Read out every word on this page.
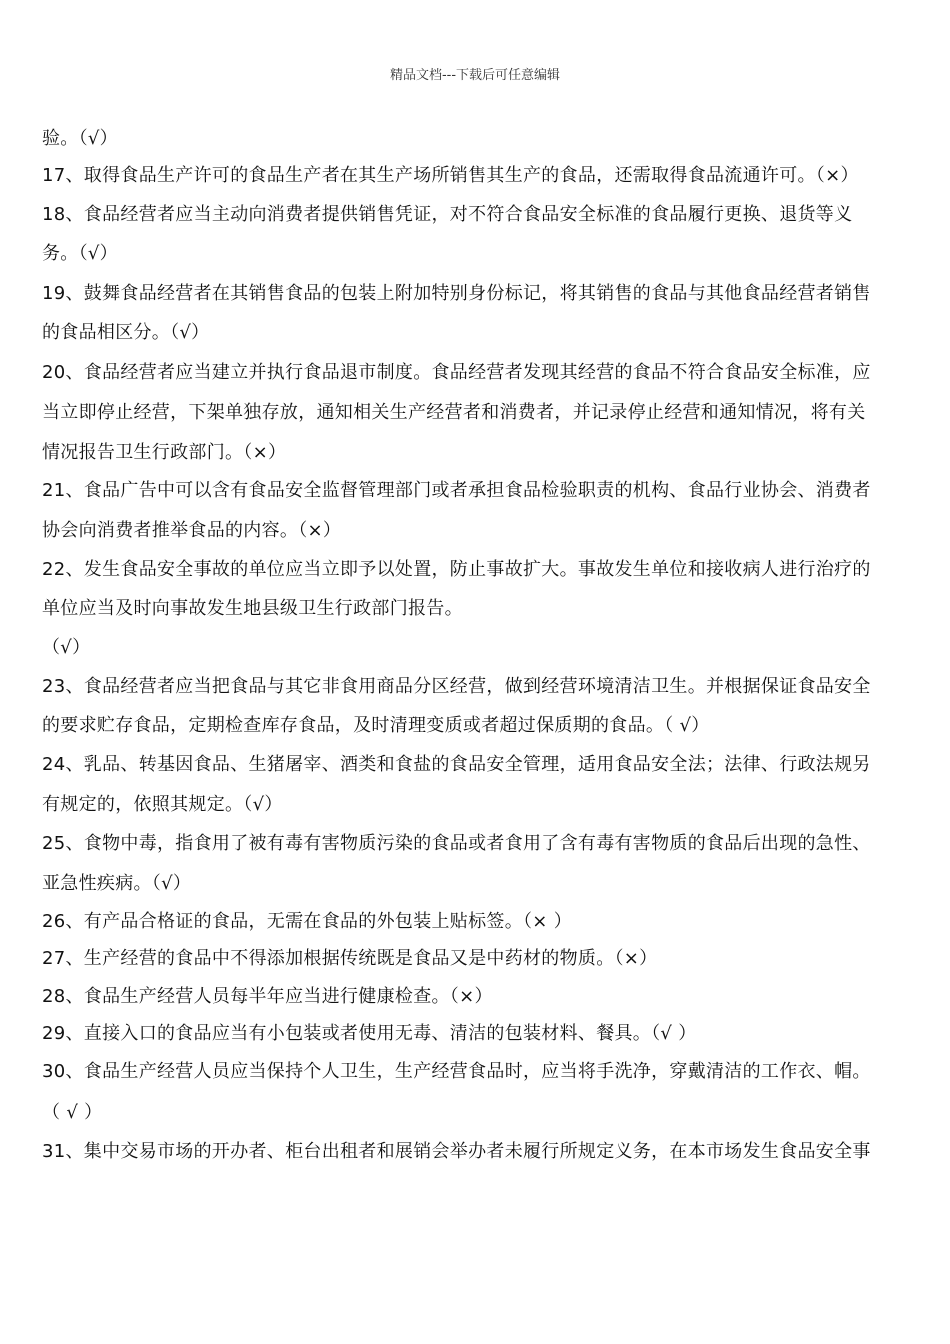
精品文档---下载后可任意编辑
验。（√）
17、取得食品生产许可的食品生产者在其生产场所销售其生产的食品，还需取得食品流通许可。（×）
18、食品经营者应当主动向消费者提供销售凭证，对不符合食品安全标准的食品履行更换、退货等义
务。（√）
19、鼓舞食品经营者在其销售食品的包装上附加特别身份标记，将其销售的食品与其他食品经营者销售
的食品相区分。（√）
20、食品经营者应当建立并执行食品退市制度。食品经营者发现其经营的食品不符合食品安全标准，应
当立即停止经营，下架单独存放，通知相关生产经营者和消费者，并记录停止经营和通知情况，将有关
情况报告卫生行政部门。（×）
21、食品广告中可以含有食品安全监督管理部门或者承担食品检验职责的机构、食品行业协会、消费者
协会向消费者推举食品的内容。（×）
22、发生食品安全事故的单位应当立即予以处置，防止事故扩大。事故发生单位和接收病人进行治疗的
单位应当及时向事故发生地县级卫生行政部门报告。
（√）
23、食品经营者应当把食品与其它非食用商品分区经营，做到经营环境清洁卫生。并根据保证食品安全
的要求贮存食品，定期检查库存食品，及时清理变质或者超过保质期的食品。（ √）
24、乳品、转基因食品、生猪屠宰、酒类和食盐的食品安全管理，适用食品安全法；法律、行政法规另
有规定的，依照其规定。（√）
25、食物中毒，指食用了被有毒有害物质污染的食品或者食用了含有毒有害物质的食品后出现的急性、
亚急性疾病。（√）
26、有产品合格证的食品，无需在食品的外包装上贴标签。（× ）
27、生产经营的食品中不得添加根据传统既是食品又是中药材的物质。（×）
28、食品生产经营人员每半年应当进行健康检查。（×）
29、直接入口的食品应当有小包装或者使用无毒、清洁的包装材料、餐具。（√ ）
30、食品生产经营人员应当保持个人卫生，生产经营食品时，应当将手洗净，穿戴清洁的工作衣、帽。
（ √ ）
31、集中交易市场的开办者、柜台出租者和展销会举办者未履行所规定义务，在本市场发生食品安全事
